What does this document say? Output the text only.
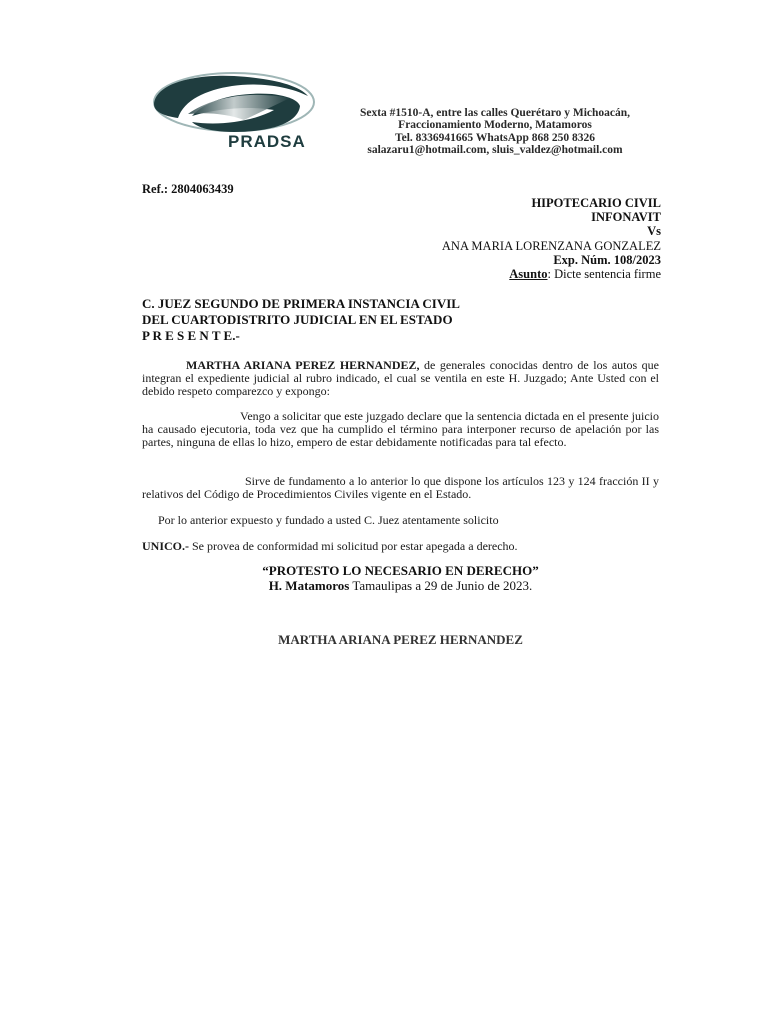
PRADSA
Sexta #1510-A, entre las calles Querétaro y Michoacán,
Fraccionamiento Moderno, Matamoros
Tel. 8336941665 WhatsApp 868 250 8326
salazaru1@hotmail.com, sluis_valdez@hotmail.com
Ref.: 2804063439
HIPOTECARIO CIVIL
INFONAVIT
Vs
ANA MARIA LORENZANA GONZALEZ
Exp. Núm. 108/2023
Asunto: Dicte sentencia firme
C. JUEZ SEGUNDO DE PRIMERA INSTANCIA CIVIL
DEL CUARTODISTRITO JUDICIAL EN EL ESTADO
P R E S E N T E.-
MARTHA ARIANA PEREZ HERNANDEZ, de generales conocidas dentro de los autos que integran el expediente judicial al rubro indicado, el cual se ventila en este H. Juzgado; Ante Usted con el debido respeto comparezco y expongo:
Vengo a solicitar que este juzgado declare que la sentencia dictada en el presente juicio ha causado ejecutoria, toda vez que ha cumplido el término para interponer recurso de apelación por las partes, ninguna de ellas lo hizo, empero de estar debidamente notificadas para tal efecto.
Sirve de fundamento a lo anterior lo que dispone los artículos 123 y 124 fracción II y relativos del Código de Procedimientos Civiles vigente en el Estado.
Por lo anterior expuesto y fundado a usted C. Juez atentamente solicito
UNICO.- Se provea de conformidad mi solicitud por estar apegada a derecho.
“PROTESTO LO NECESARIO EN DERECHO”
H. Matamoros Tamaulipas a 29 de Junio de 2023.
MARTHA ARIANA PEREZ HERNANDEZ
